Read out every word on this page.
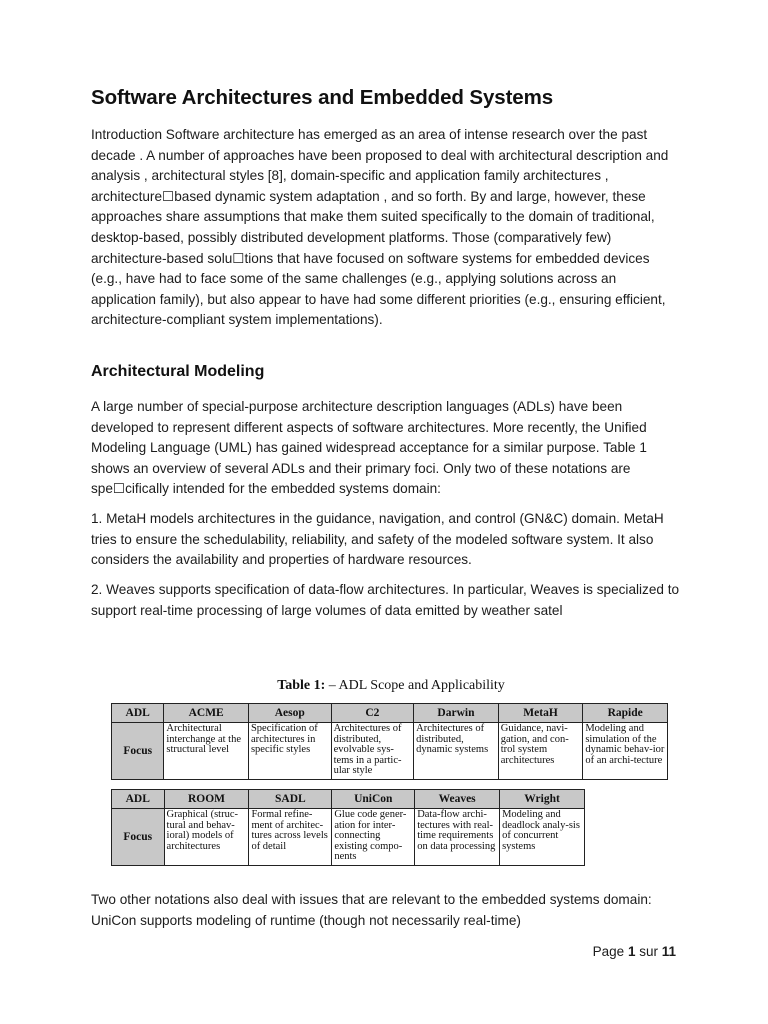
Software Architectures and Embedded Systems

Introduction Software architecture has emerged as an area of intense research over the past decade . A number of approaches have been proposed to deal with architectural description and analysis , architectural styles [8], domain-specific and application family architectures , architecture☐based dynamic system adaptation , and so forth. By and large, however, these approaches share assumptions that make them suited specifically to the domain of traditional, desktop-based, possibly distributed development platforms. Those (comparatively few) architecture-based solu☐tions that have focused on software systems for embedded devices (e.g., have had to face some of the same challenges (e.g., applying solutions across an application family), but also appear to have had some different priorities (e.g., ensuring efficient, architecture-compliant system implementations).

Architectural Modeling

A large number of special-purpose architecture description languages (ADLs) have been developed to represent different aspects of software architectures. More recently, the Unified Modeling Language (UML) has gained widespread acceptance for a similar purpose. Table 1 shows an overview of several ADLs and their primary foci. Only two of these notations are spe☐cifically intended for the embedded systems domain:

1. MetaH models architectures in the guidance, navigation, and control (GN&C) domain. MetaH tries to ensure the schedulability, reliability, and safety of the modeled software system. It also considers the availability and properties of hardware resources.

2. Weaves supports specification of data-flow architectures. In particular, Weaves is specialized to support real-time processing of large volumes of data emitted by weather satel

Two other notations also deal with issues that are relevant to the embedded systems domain: UniCon supports modeling of runtime (though not necessarily real-time)

Table 1: – ADL Scope and Applicability
ADL	ACME	Aesop	C2	Darwin	MetaH	Rapide
Focus	Architectural interchange at the structural level	Specification of architectures in specific styles	Architectures of distributed, evolvable sys-tems in a partic-ular style	Architectures of distributed, dynamic systems	Guidance, navi-gation, and con-trol system architectures	Modeling and simulation of the dynamic behav-ior of an archi-tecture
ADL	ROOM	SADL	UniCon	Weaves	Wright
Focus	Graphical (struc-tural and behav-ioral) models of architectures	Formal refine-ment of architec-tures across levels of detail	Glue code gener-ation for inter-connecting existing compo-nents	Data-flow archi-tectures with real-time requirements on data processing	Modeling and deadlock analy-sis of concurrent systems
Page 1 sur 11
